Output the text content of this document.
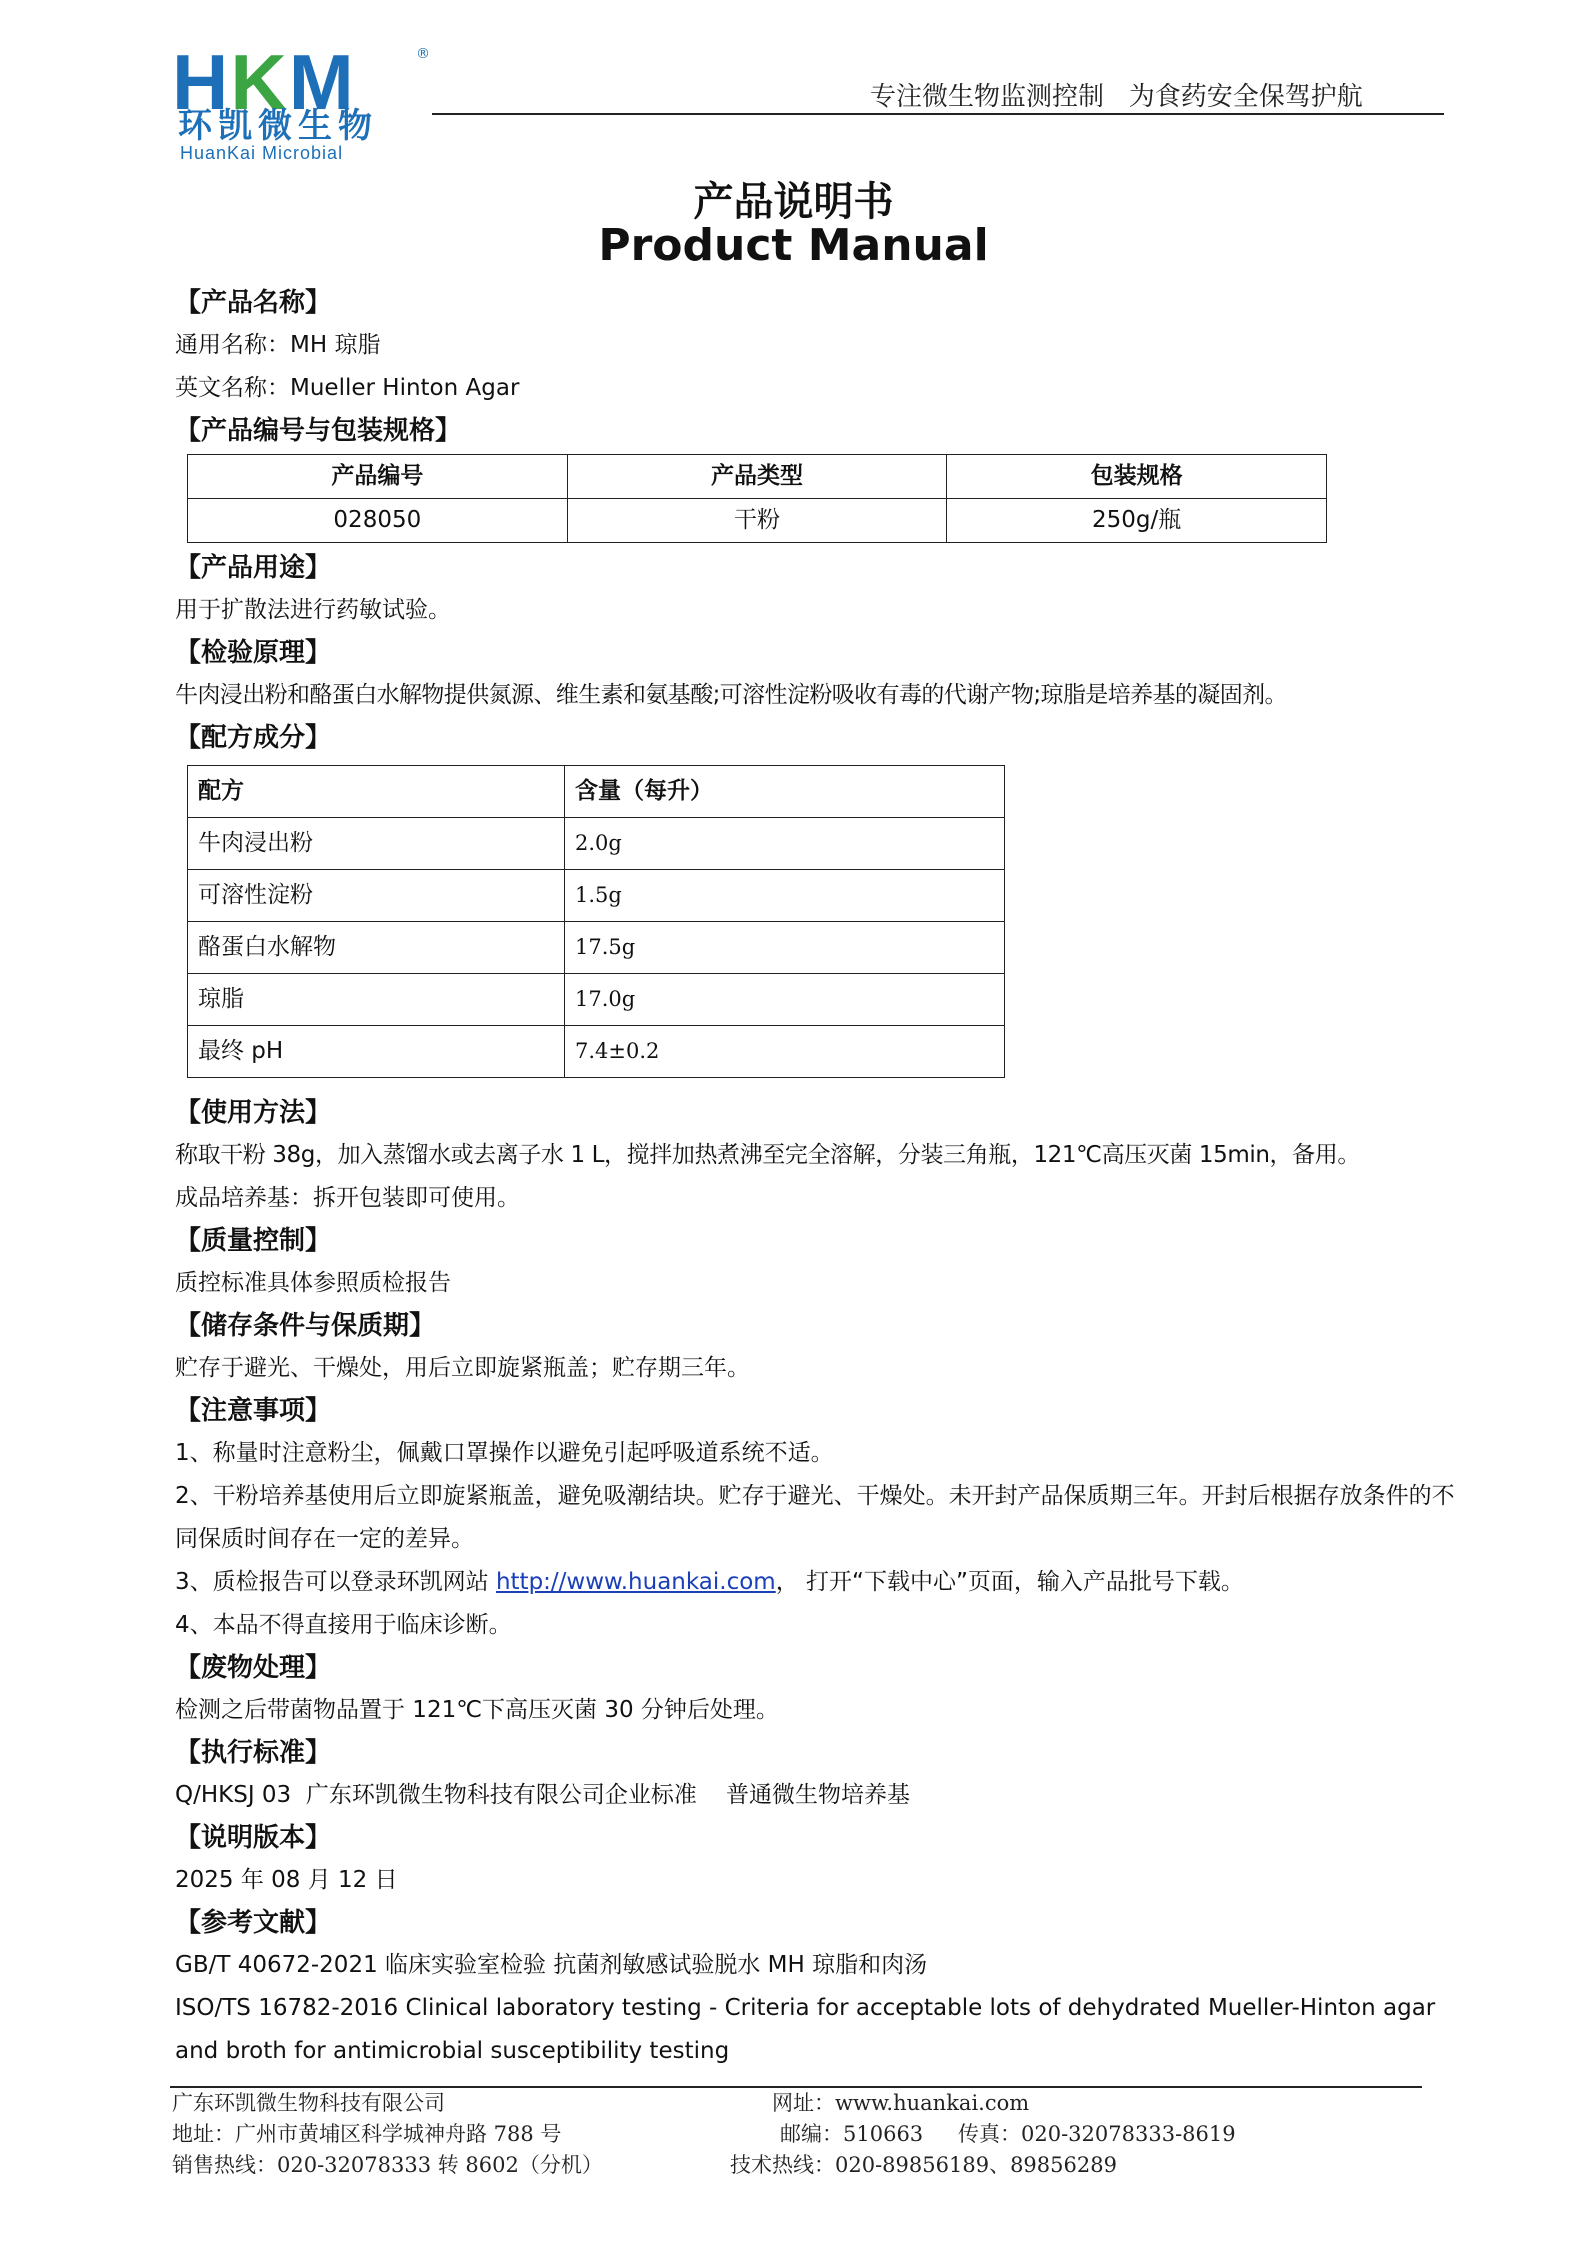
HKM	®
环凯微生物
HuanKai Microbial
专注微生物监测控制   为食药安全保驾护航
产品说明书
Product Manual
【产品名称】
通用名称：MH 琼脂
英文名称：Mueller Hinton Agar
【产品编号与包装规格】
产品编号	产品类型	包装规格
028050	干粉	250g/瓶
【产品用途】
用于扩散法进行药敏试验。
【检验原理】
牛肉浸出粉和酪蛋白水解物提供氮源、维生素和氨基酸;可溶性淀粉吸收有毒的代谢产物;琼脂是培养基的凝固剂。
【配方成分】
配方	含量（每升）
牛肉浸出粉	2.0g
可溶性淀粉	1.5g
酪蛋白水解物	17.5g
琼脂	17.0g
最终 pH	7.4±0.2
【使用方法】
称取干粉 38g，加入蒸馏水或去离子水 1 L，搅拌加热煮沸至完全溶解，分装三角瓶，121℃高压灭菌 15min，备用。
成品培养基：拆开包装即可使用。
【质量控制】
质控标准具体参照质检报告
【储存条件与保质期】
贮存于避光、干燥处，用后立即旋紧瓶盖；贮存期三年。
【注意事项】
1、称量时注意粉尘，佩戴口罩操作以避免引起呼吸道系统不适。
2、干粉培养基使用后立即旋紧瓶盖，避免吸潮结块。贮存于避光、干燥处。未开封产品保质期三年。开封后根据存放条件的不同保质时间存在一定的差异。
3、质检报告可以登录环凯网站 http://www.huankai.com， 打开“下载中心”页面，输入产品批号下载。
4、本品不得直接用于临床诊断。
【废物处理】
检测之后带菌物品置于 121℃下高压灭菌 30 分钟后处理。
【执行标准】
Q/HKSJ 03  广东环凯微生物科技有限公司企业标准    普通微生物培养基
【说明版本】
2025 年 08 月 12 日
【参考文献】
GB/T 40672-2021 临床实验室检验 抗菌剂敏感试验脱水 MH 琼脂和肉汤
ISO/TS 16782-2016 Clinical laboratory testing - Criteria for acceptable lots of dehydrated Mueller-Hinton agar and broth for antimicrobial susceptibility testing
广东环凯微生物科技有限公司	网址：www.huankai.com
地址：广州市黄埔区科学城神舟路 788 号	邮编：510663 传真：020-32078333-8619
销售热线：020-32078333 转 8602（分机）	技术热线：020-89856189、89856289
